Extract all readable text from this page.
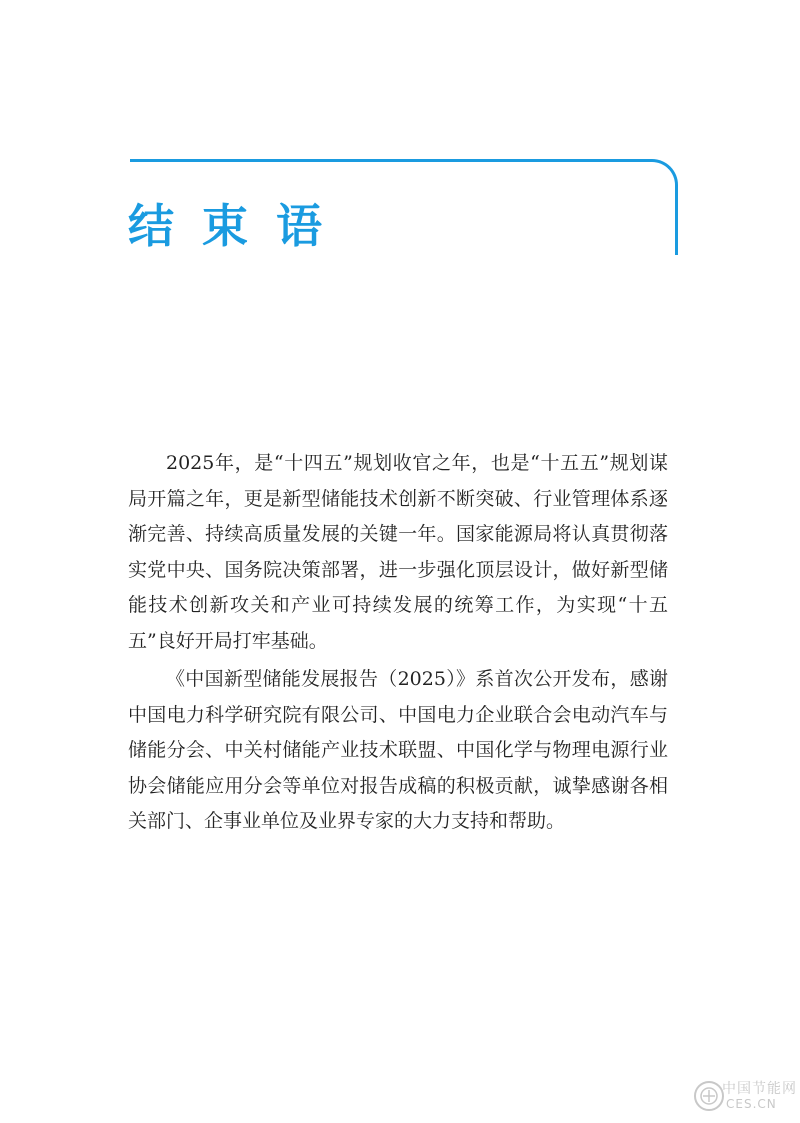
结 束 语

2025年，是“十四五”规划收官之年，也是“十五五”规划谋局开篇之年，更是新型储能技术创新不断突破、行业管理体系逐渐完善、持续高质量发展的关键一年。国家能源局将认真贯彻落实党中央、国务院决策部署，进一步强化顶层设计，做好新型储能技术创新攻关和产业可持续发展的统筹工作，为实现“十五五”良好开局打牢基础。

《中国新型储能发展报告（2025）》系首次公开发布，感谢中国电力科学研究院有限公司、中国电力企业联合会电动汽车与储能分会、中关村储能产业技术联盟、中国化学与物理电源行业协会储能应用分会等单位对报告成稿的积极贡献，诚挚感谢各相关部门、企事业单位及业界专家的大力支持和帮助。

中国节能网
CES.CN
